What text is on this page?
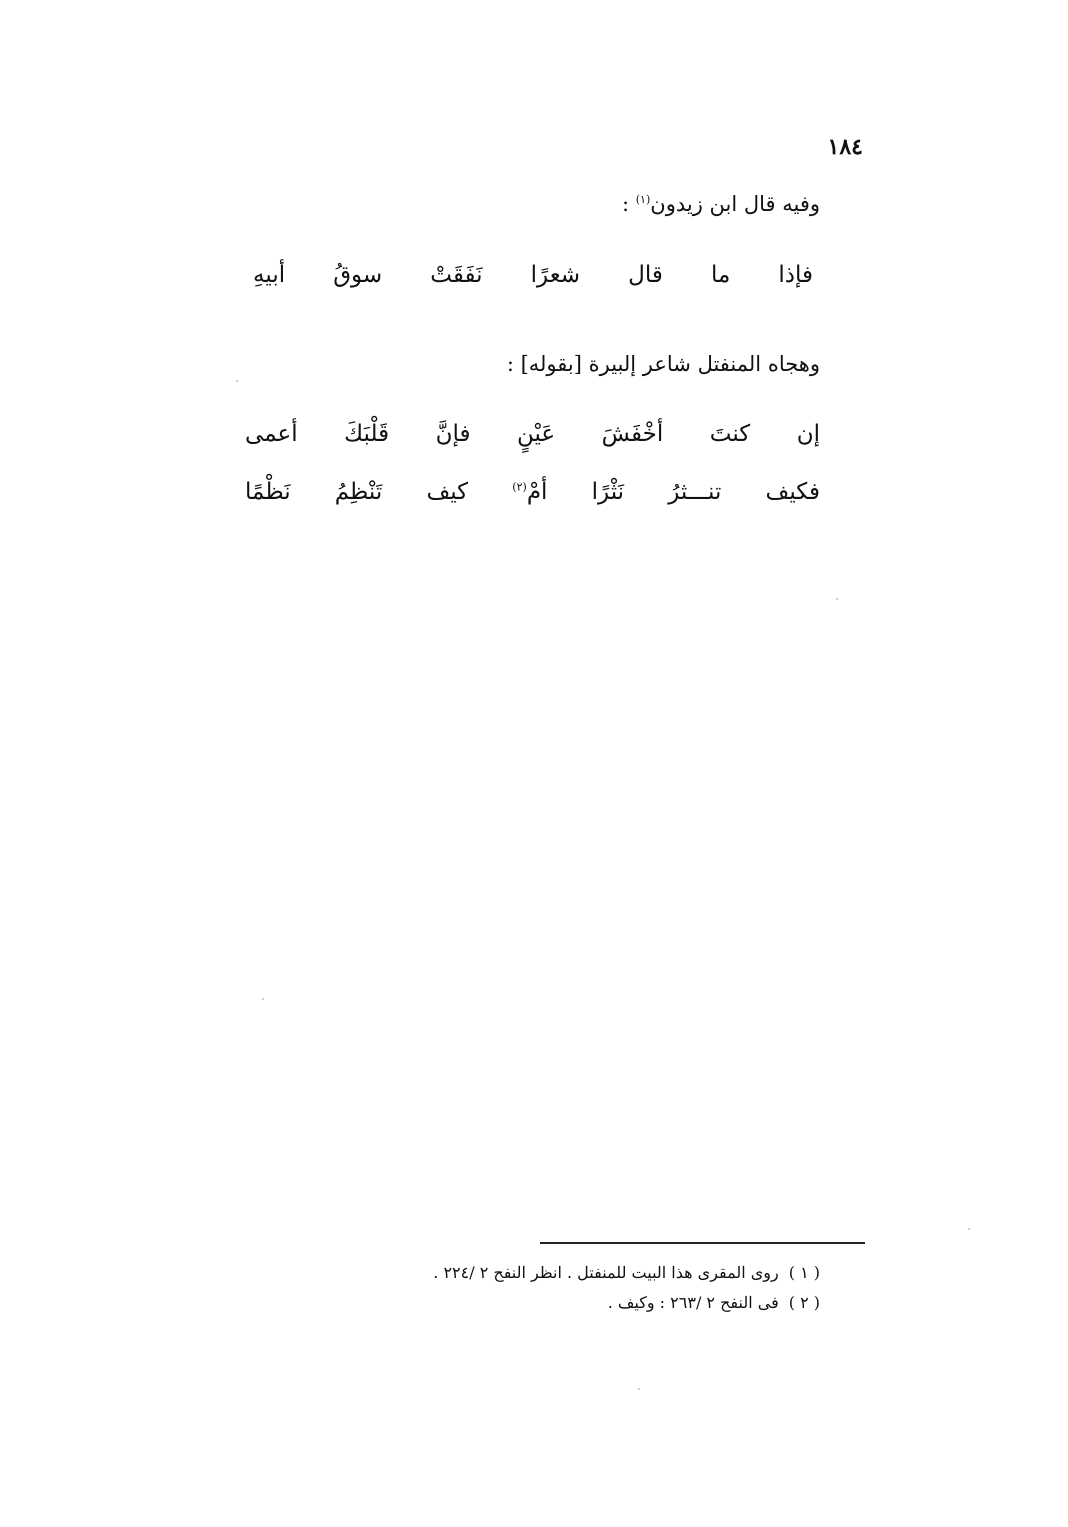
١٨٤
وفيه قال ابن زيدون$^{(١)}$ :
فإذا
ما
قال
شعرًا
نَفَقَتْ
سوقُ
أبيهِ
وهجاه المنفتل شاعر إلبيرة [بقوله] :
إن
كنتَ
أخْفَشَ
عَيْنٍ
فإنَّ
قَلْبَكَ
أعمى
فكيف
تنـــثرُ
نَثْرًا
أمْ$^{(٢)}$
كيف
تَنْظِمُ
نَظْمًا
( ١ )روى المقرى هذا البيت للمنفتل . انظر النفح ٢ /٢٢٤ .
( ٢ )فى النفح ٢ /٢٦٣ : وكيف .
